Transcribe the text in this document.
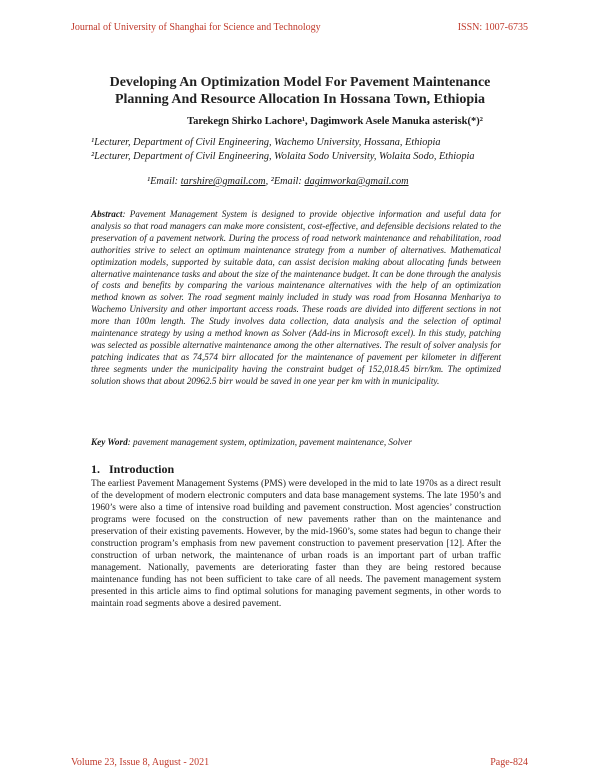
Journal of University of Shanghai for Science and Technology	ISSN: 1007-6735
Developing An Optimization Model For Pavement Maintenance
Planning And Resource Allocation In Hossana Town, Ethiopia
Tarekegn Shirko Lachore¹, Dagimwork Asele Manuka asterisk(*)²
¹Lecturer, Department of Civil Engineering, Wachemo University, Hossana, Ethiopia
²Lecturer, Department of Civil Engineering, Wolaita Sodo University, Wolaita Sodo, Ethiopia
¹Email: tarshire@gmail.com, ²Email: dagimworka@gmail.com
Abstract: Pavement Management System is designed to provide objective information and useful data for analysis so that road managers can make more consistent, cost-effective, and defensible decisions related to the preservation of a pavement network. During the process of road network maintenance and rehabilitation, road authorities strive to select an optimum maintenance strategy from a number of alternatives. Mathematical optimization models, supported by suitable data, can assist decision making about allocating funds between alternative maintenance tasks and about the size of the maintenance budget. It can be done through the analysis of costs and benefits by comparing the various maintenance alternatives with the help of an optimization method known as solver. The road segment mainly included in study was road from Hosanna Menhariya to Wachemo University and other important access roads. These roads are divided into different sections in not more than 100m length. The Study involves data collection, data analysis and the selection of optimal maintenance strategy by using a method known as Solver (Add-ins in Microsoft excel). In this study, patching was selected as possible alternative maintenance among the other alternatives. The result of solver analysis for patching indicates that as 74,574 birr allocated for the maintenance of pavement per kilometer in different three segments under the municipality having the constraint budget of 152,018.45 birr/km. The optimized solution shows that about 20962.5 birr would be saved in one year per km with in municipality.
Key Word: pavement management system, optimization, pavement maintenance, Solver
1. Introduction
The earliest Pavement Management Systems (PMS) were developed in the mid to late 1970s as a direct result of the development of modern electronic computers and data base management systems. The late 1950’s and 1960’s were also a time of intensive road building and pavement construction. Most agencies’ construction programs were focused on the construction of new pavements rather than on the maintenance and preservation of their existing pavements. However, by the mid-1960’s, some states had begun to change their construction program’s emphasis from new pavement construction to pavement preservation [12]. After the construction of urban network, the maintenance of urban roads is an important part of urban traffic management. Nationally, pavements are deteriorating faster than they are being restored because maintenance funding has not been sufficient to take care of all needs. The pavement management system presented in this article aims to find optimal solutions for managing pavement segments, in other words to maintain road segments above a desired pavement.
Volume 23, Issue 8, August - 2021	Page-824
